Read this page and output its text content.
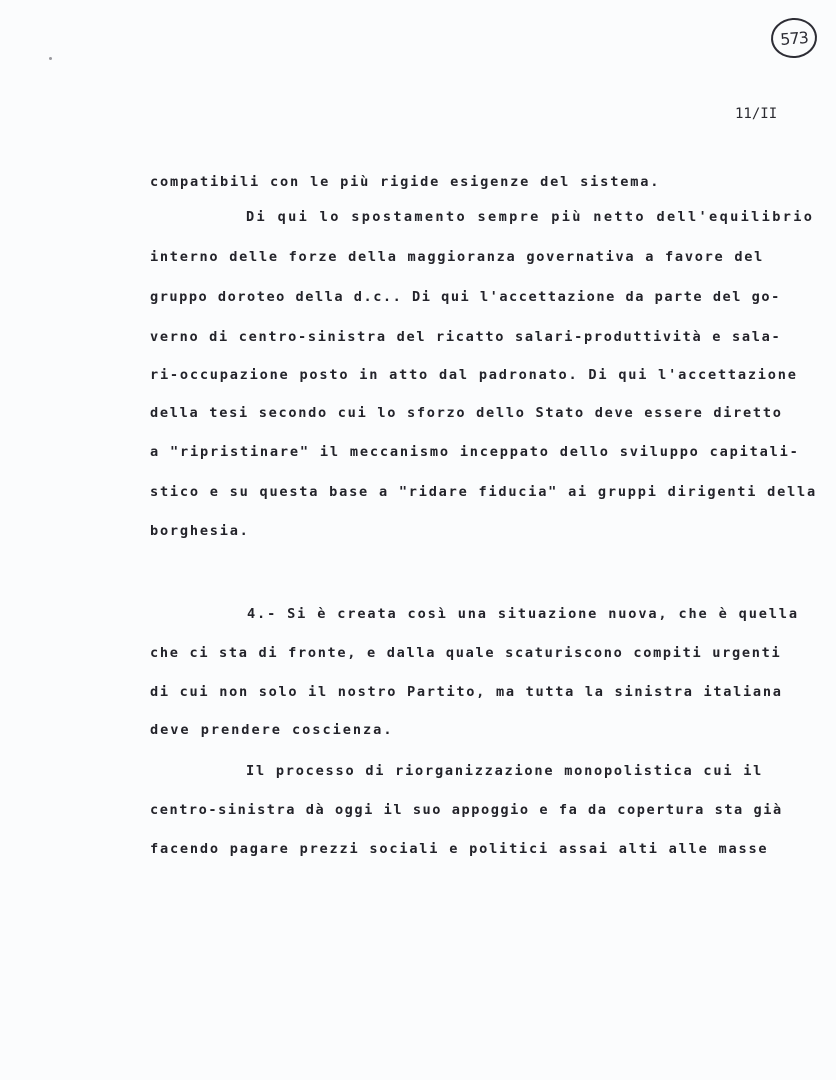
573
11/II
compatibili con le più rigide esigenze del sistema.
Di qui lo spostamento sempre più netto dell'equilibrio
interno delle forze della maggioranza governativa a favore del
gruppo doroteo della d.c.. Di qui l'accettazione da parte del go-
verno di centro-sinistra del ricatto salari-produttività e sala-
ri-occupazione posto in atto dal padronato. Di qui l'accettazione
della tesi secondo cui lo sforzo dello Stato deve essere diretto
a "ripristinare" il meccanismo inceppato dello sviluppo capitali-
stico e su questa base a "ridare fiducia" ai gruppi dirigenti della
borghesia.
4.- Si è creata così una situazione nuova, che è quella
che ci sta di fronte, e dalla quale scaturiscono compiti urgenti
di cui non solo il nostro Partito, ma tutta la sinistra italiana
deve prendere coscienza.
Il processo di riorganizzazione monopolistica cui il
centro-sinistra dà oggi il suo appoggio e fa da copertura sta già
facendo pagare prezzi sociali e politici assai alti alle masse
